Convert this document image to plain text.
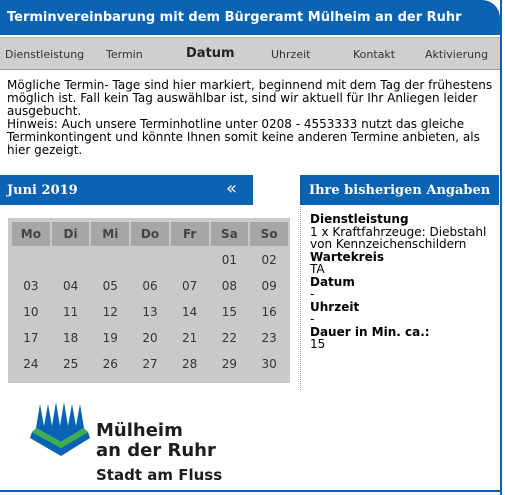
Terminvereinbarung mit dem Bürgeramt Mülheim an der Ruhr
Dienstleistung Termin	Datum	Uhrzeit	Kontakt	Aktivierung
Mögliche Termin- Tage sind hier markiert, beginnend mit dem Tag der frühestens möglich ist. Fall kein Tag auswählbar ist, sind wir aktuell für Ihr Anliegen leider ausgebucht.
Hinweis: Auch unsere Terminhotline unter 0208 - 4553333 nutzt das gleiche Terminkontingent und könnte Ihnen somit keine anderen Termine anbieten, als hier gezeigt.
Juni 2019	«
Mo	Di	Mi	Do	Fr	Sa	So
					01	02
03	04	05	06	07	08	09
10	11	12	13	14	15	16
17	18	19	20	21	22	23
24	25	26	27	28	29	30
Ihre bisherigen Angaben
Dienstleistung
1 x Kraftfahrzeuge: Diebstahl von Kennzeichenschildern
Wartekreis
TA
Datum
-
Uhrzeit
-
Dauer in Min. ca.:
15
Mülheim
an der Ruhr
Stadt am Fluss
